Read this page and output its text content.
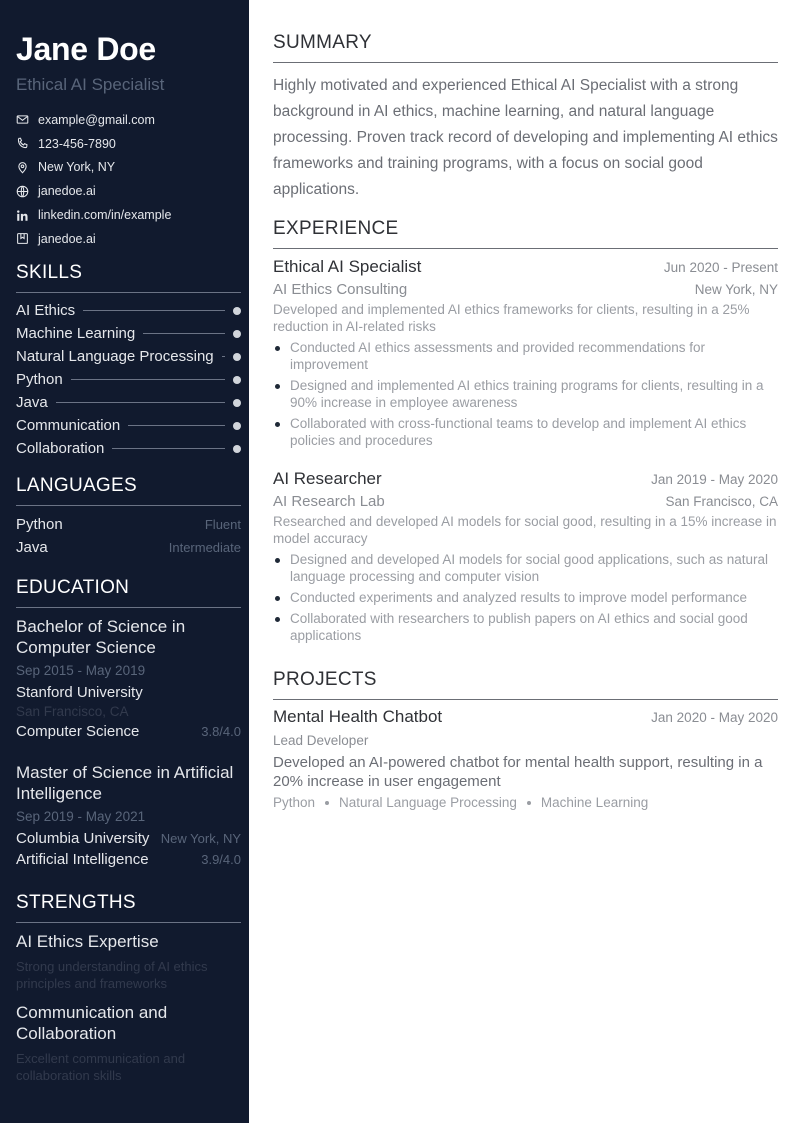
Jane Doe
Ethical AI Specialist
example@gmail.com
123-456-7890
New York, NY
janedoe.ai
linkedin.com/in/example
janedoe.ai
SKILLS
AI Ethics
Machine Learning
Natural Language Processing
Python
Java
Communication
Collaboration
LANGUAGES
Python	Fluent
Java	Intermediate
EDUCATION
Bachelor of Science in Computer Science
Sep 2015 - May 2019
Stanford University
San Francisco, CA
Computer Science	3.8/4.0
Master of Science in Artificial Intelligence
Sep 2019 - May 2021
Columbia University New York, NY
Artificial Intelligence	3.9/4.0
STRENGTHS
AI Ethics Expertise
Strong understanding of AI ethics principles and frameworks
Communication and Collaboration
Excellent communication and collaboration skills
SUMMARY
Highly motivated and experienced Ethical AI Specialist with a strong background in AI ethics, machine learning, and natural language processing. Proven track record of developing and implementing AI ethics frameworks and training programs, with a focus on social good applications.
EXPERIENCE
Ethical AI Specialist	Jun 2020 - Present
AI Ethics Consulting	New York, NY
Developed and implemented AI ethics frameworks for clients, resulting in a 25% reduction in AI-related risks
Conducted AI ethics assessments and provided recommendations for improvement
Designed and implemented AI ethics training programs for clients, resulting in a 90% increase in employee awareness
Collaborated with cross-functional teams to develop and implement AI ethics policies and procedures
AI Researcher	Jan 2019 - May 2020
AI Research Lab	San Francisco, CA
Researched and developed AI models for social good, resulting in a 15% increase in model accuracy
Designed and developed AI models for social good applications, such as natural language processing and computer vision
Conducted experiments and analyzed results to improve model performance
Collaborated with researchers to publish papers on AI ethics and social good applications
PROJECTS
Mental Health Chatbot	Jan 2020 - May 2020
Lead Developer
Developed an AI-powered chatbot for mental health support, resulting in a 20% increase in user engagement
Python Natural Language Processing Machine Learning
